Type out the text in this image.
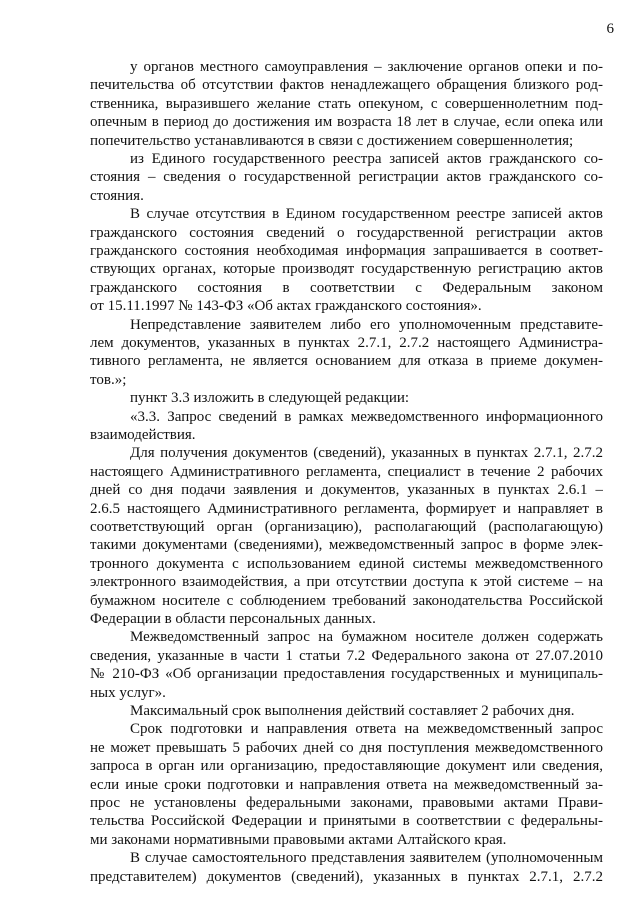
6
у органов местного самоуправления – заключение органов опеки и по-
печительства об отсутствии фактов ненадлежащего обращения близкого род-
ственника, выразившего желание стать опекуном, с совершеннолетним под-
опечным в период до достижения им возраста 18 лет в случае, если опека или
попечительство устанавливаются в связи с достижением совершеннолетия;
из Единого государственного реестра записей актов гражданского со-
стояния – сведения о государственной регистрации актов гражданского со-
стояния.
В случае отсутствия в Едином государственном реестре записей актов
гражданского состояния сведений о государственной регистрации актов
гражданского состояния необходимая информация запрашивается в соответ-
ствующих органах, которые производят государственную регистрацию актов
гражданского состояния в соответствии с Федеральным законом
от 15.11.1997 № 143-ФЗ «Об актах гражданского состояния».
Непредставление заявителем либо его уполномоченным представите-
лем документов, указанных в пунктах 2.7.1, 2.7.2 настоящего Администра-
тивного регламента, не является основанием для отказа в приеме докумен-
тов.»;
пункт 3.3 изложить в следующей редакции:
«3.3. Запрос сведений в рамках межведомственного информационного
взаимодействия.
Для получения документов (сведений), указанных в пунктах 2.7.1, 2.7.2
настоящего Административного регламента, специалист в течение 2 рабочих
дней со дня подачи заявления и документов, указанных в пунктах 2.6.1 –
2.6.5 настоящего Административного регламента, формирует и направляет в
соответствующий орган (организацию), располагающий (располагающую)
такими документами (сведениями), межведомственный запрос в форме элек-
тронного документа с использованием единой системы межведомственного
электронного взаимодействия, а при отсутствии доступа к этой системе – на
бумажном носителе с соблюдением требований законодательства Российской
Федерации в области персональных данных.
Межведомственный запрос на бумажном носителе должен содержать
сведения, указанные в части 1 статьи 7.2 Федерального закона от 27.07.2010
№ 210-ФЗ «Об организации предоставления государственных и муниципаль-
ных услуг».
Максимальный срок выполнения действий составляет 2 рабочих дня.
Срок подготовки и направления ответа на межведомственный запрос
не может превышать 5 рабочих дней со дня поступления межведомственного
запроса в орган или организацию, предоставляющие документ или сведения,
если иные сроки подготовки и направления ответа на межведомственный за-
прос не установлены федеральными законами, правовыми актами Прави-
тельства Российской Федерации и принятыми в соответствии с федеральны-
ми законами нормативными правовыми актами Алтайского края.
В случае самостоятельного представления заявителем (уполномоченным
представителем) документов (сведений), указанных в пунктах 2.7.1, 2.7.2
